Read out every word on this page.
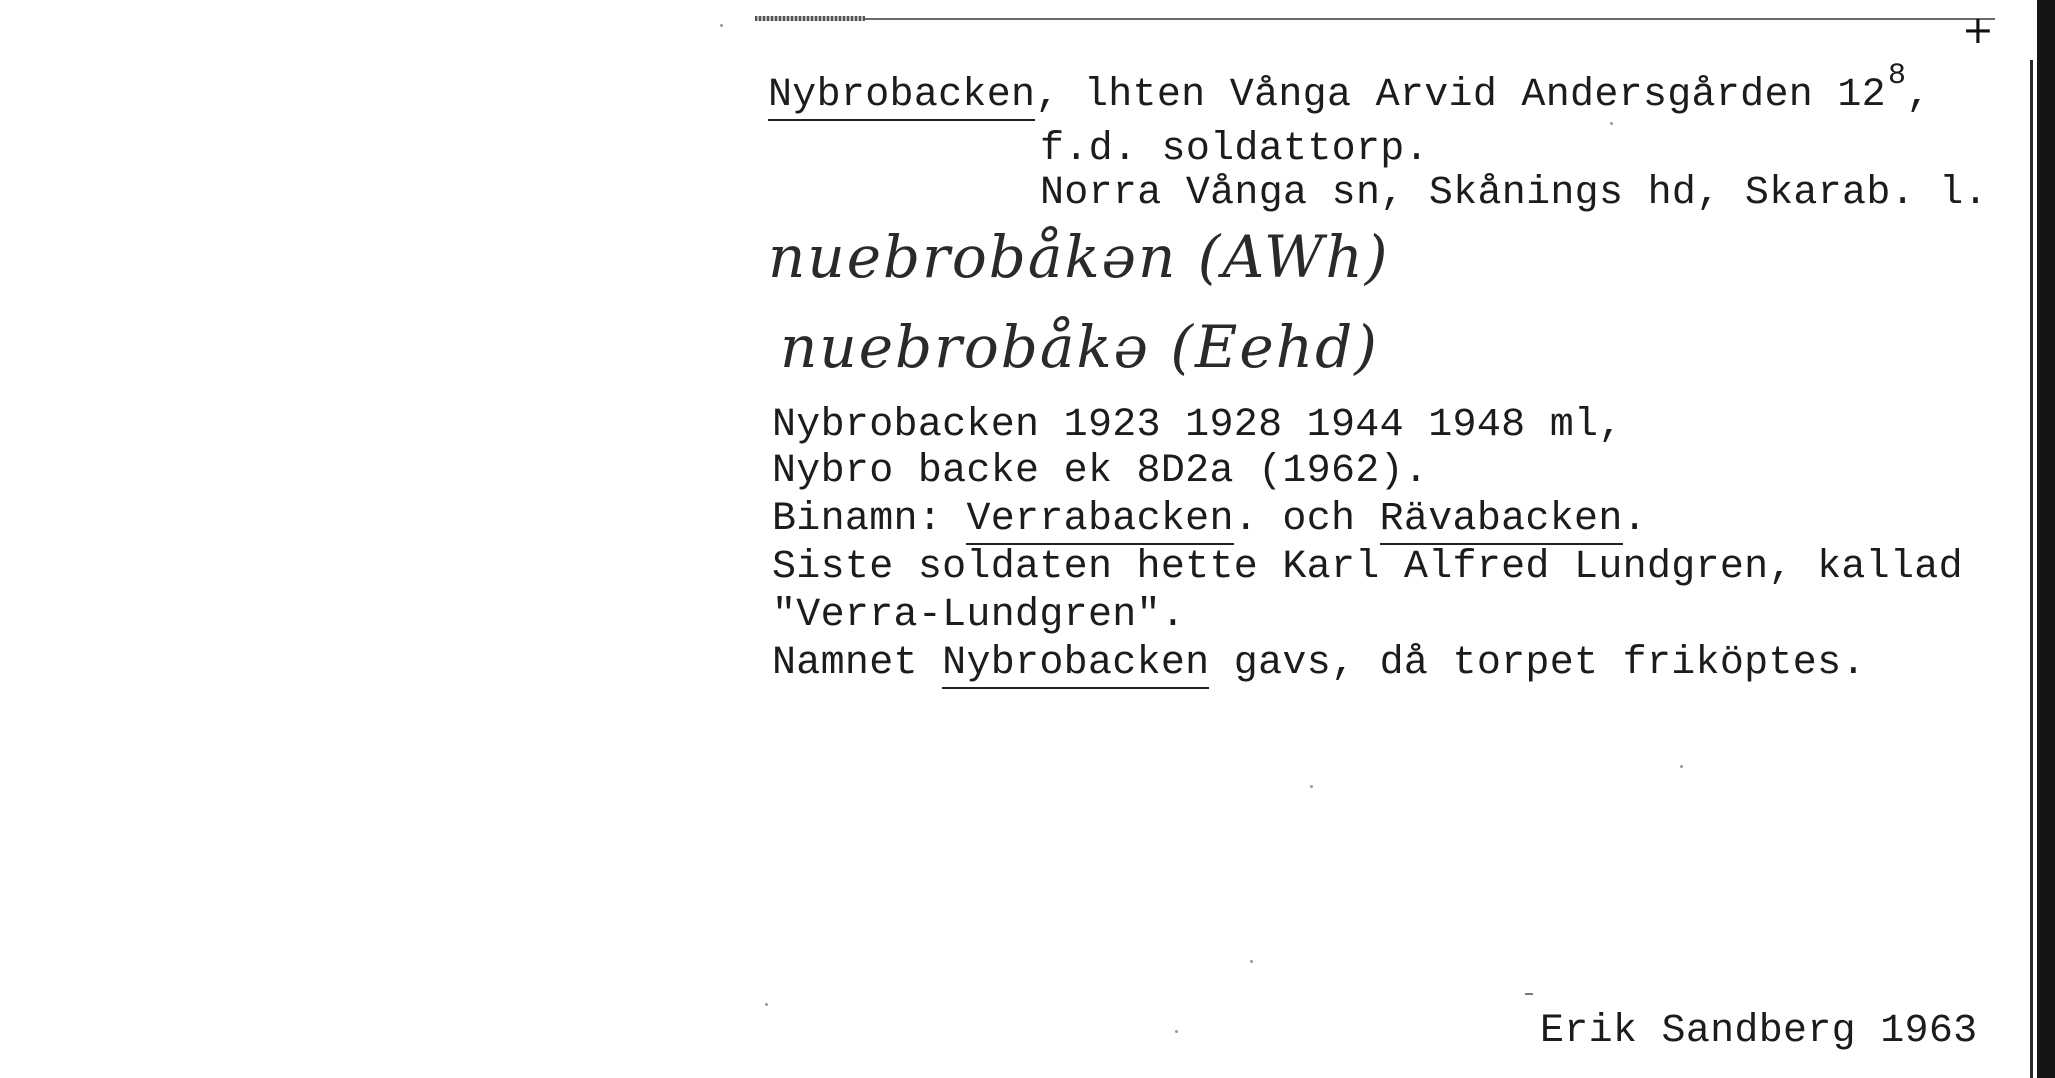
+
Nybrobacken, lhten Vånga Arvid Andersgården $12^8$,
f.d. soldattorp.
Norra Vånga sn, Skånings hd, Skarab. l.
nuebrobåkən (AWh)
nuebrobåkə (Eehd)
Nybrobacken 1923 1928 1944 1948 ml,
Nybro backe ek 8D2a (1962).
Binamn: Verrabacken. och Rävabacken.
Siste soldaten hette Karl Alfred Lundgren, kallad
"Verra-Lundgren".
Namnet Nybrobacken gavs, då torpet friköptes.
Erik Sandberg 1963
